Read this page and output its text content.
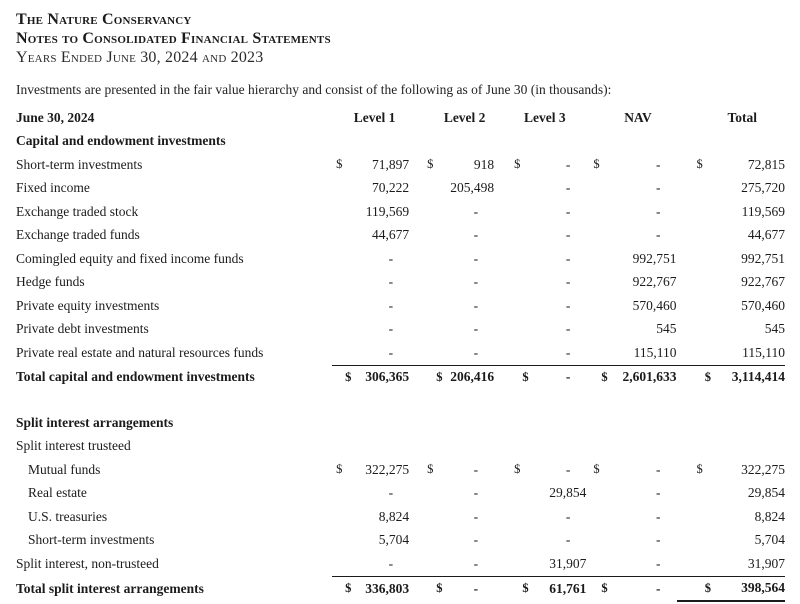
The Nature Conservancy
Notes to Consolidated Financial Statements
Years Ended June 30, 2024 and 2023

Investments are presented in the fair value hierarchy and consist of the following as of June 30 (in thousands):

June 30, 2024	Level 1		Level 2		Level 3		NAV		Total	
Capital and endowment investments										
Short-term investments	$	71,897	$	918	$	-	$	-	$	72,815
Fixed income		70,222		205,498		-		-		275,720
Exchange traded stock		119,569		-		-		-		119,569
Exchange traded funds		44,677		-		-		-		44,677
Comingled equity and fixed income funds		-		-		-		992,751		992,751
Hedge funds		-		-		-		922,767		922,767
Private equity investments		-		-		-		570,460		570,460
Private debt investments		-		-		-		545		545
Private real estate and natural resources funds		-		-		-		115,110		115,110
Total capital and endowment investments	$	306,365	$	206,416	$	-	$	2,601,633	$	3,114,414

Split interest arrangements										
Split interest trusteed										
Mutual funds	$	322,275	$	-	$	-	$	-	$	322,275
Real estate		-		-		29,854		-		29,854
U.S. treasuries		8,824		-		-		-		8,824
Short-term investments		5,704		-		-		-		5,704
Split interest, non-trusteed		-		-		31,907		-		31,907
Total split interest arrangements	$	336,803	$	-	$	61,761	$	-	$	398,564
